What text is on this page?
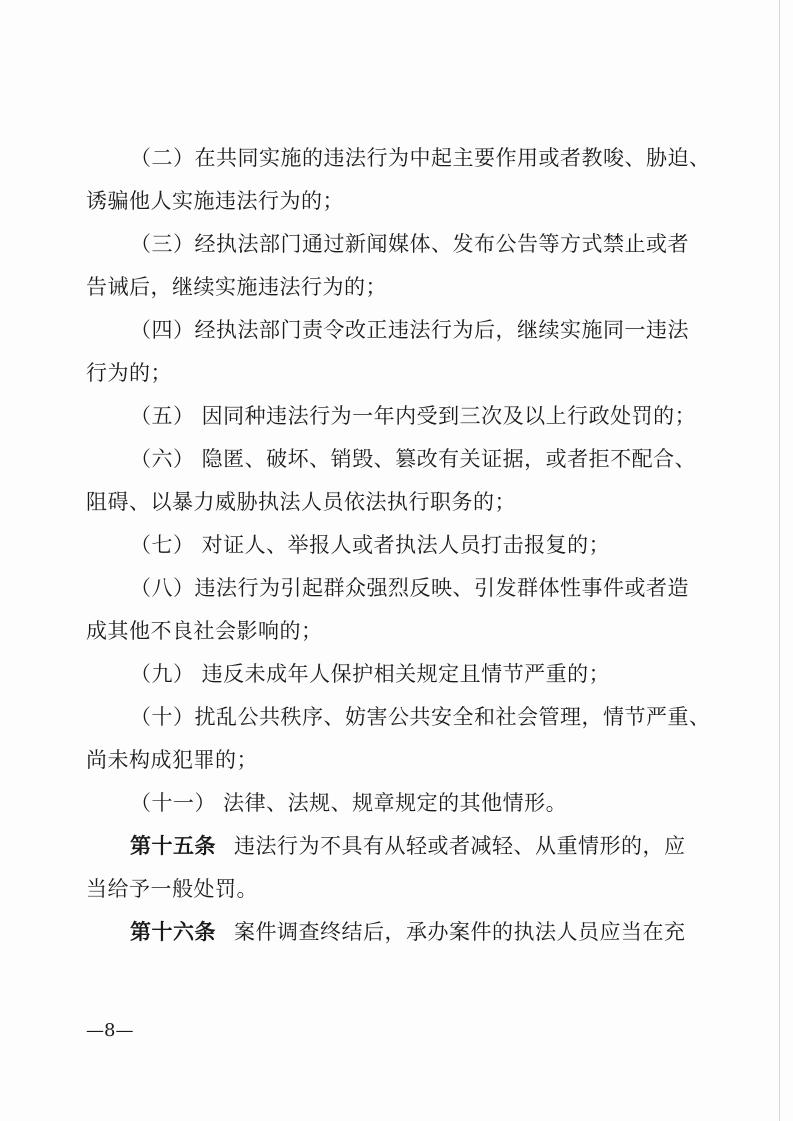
（二）在共同实施的违法行为中起主要作用或者教唆、胁迫、
诱骗他人实施违法行为的；
（三）经执法部门通过新闻媒体、发布公告等方式禁止或者
告诫后，继续实施违法行为的；
（四）经执法部门责令改正违法行为后，继续实施同一违法
行为的；
（五） 因同种违法行为一年内受到三次及以上行政处罚的；
（六） 隐匿、破坏、销毁、篡改有关证据，或者拒不配合、
阻碍、以暴力威胁执法人员依法执行职务的；
（七） 对证人、举报人或者执法人员打击报复的；
（八）违法行为引起群众强烈反映、引发群体性事件或者造
成其他不良社会影响的；
（九） 违反未成年人保护相关规定且情节严重的；
（十）扰乱公共秩序、妨害公共安全和社会管理，情节严重、
尚未构成犯罪的；
（十一） 法律、法规、规章规定的其他情形。
第十五条 违法行为不具有从轻或者减轻、从重情形的，应
当给予一般处罚。
第十六条 案件调查终结后，承办案件的执法人员应当在充
—8—
